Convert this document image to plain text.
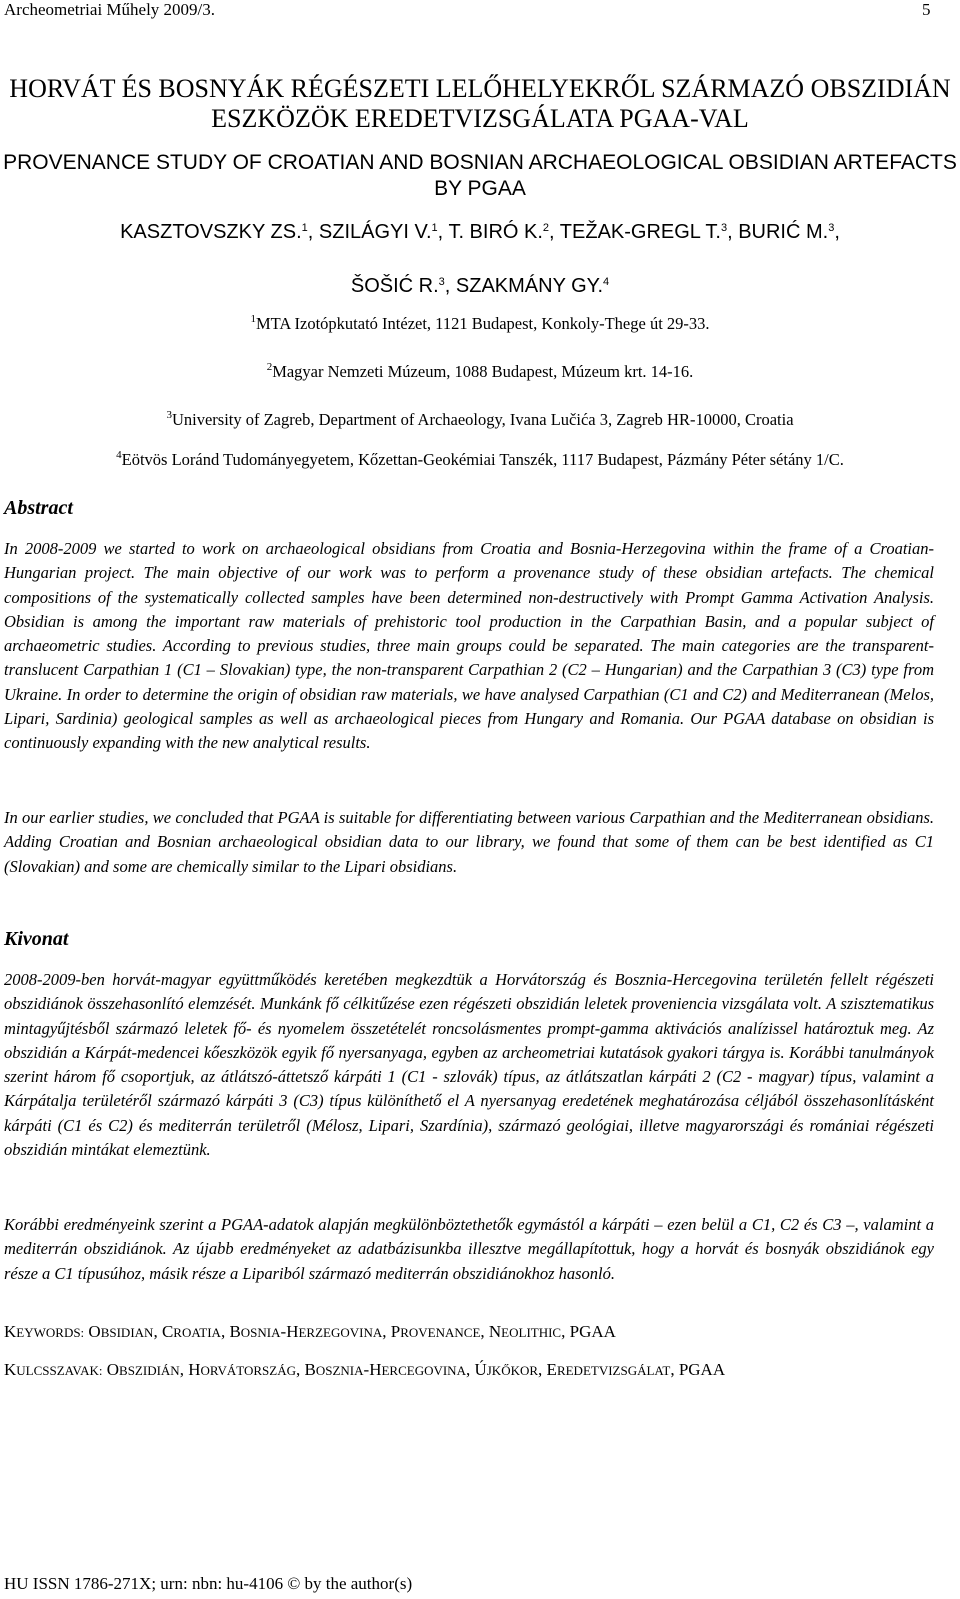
Archeometriai Műhely 2009/3.	5
HORVÁT ÉS BOSNYÁK RÉGÉSZETI LELŐHELYEKRŐL SZÁRMAZÓ OBSZIDIÁN ESZKÖZÖK EREDETVIZSGÁLATA PGAA-VAL
PROVENANCE STUDY OF CROATIAN AND BOSNIAN ARCHAEOLOGICAL OBSIDIAN ARTEFACTS BY PGAA
KASZTOVSZKY ZS.$^1$, SZILÁGYI V.$^1$, T. BIRÓ K.$^2$, TEŽAK-GREGL T.$^3$, BURIĆ M.$^3$,
ŠOŠIĆ R.$^3$, SZAKMÁNY GY.$^4$
$^1$MTA Izotópkutató Intézet, 1121 Budapest, Konkoly-Thege út 29-33.
$^2$Magyar Nemzeti Múzeum, 1088 Budapest, Múzeum krt. 14-16.
$^3$University of Zagreb, Department of Archaeology, Ivana Lučića 3, Zagreb HR-10000, Croatia
$^4$Eötvös Loránd Tudományegyetem, Kőzettan-Geokémiai Tanszék, 1117 Budapest, Pázmány Péter sétány 1/C.
Abstract
In 2008-2009 we started to work on archaeological obsidians from Croatia and Bosnia-Herzegovina within the frame of a Croatian-Hungarian project. The main objective of our work was to perform a provenance study of these obsidian artefacts. The chemical compositions of the systematically collected samples have been determined non-destructively with Prompt Gamma Activation Analysis. Obsidian is among the important raw materials of prehistoric tool production in the Carpathian Basin, and a popular subject of archaeometric studies. According to previous studies, three main groups could be separated. The main categories are the transparent-translucent Carpathian 1 (C1 – Slovakian) type, the non-transparent Carpathian 2 (C2 – Hungarian) and the Carpathian 3 (C3) type from Ukraine. In order to determine the origin of obsidian raw materials, we have analysed Carpathian (C1 and C2) and Mediterranean (Melos, Lipari, Sardinia) geological samples as well as archaeological pieces from Hungary and Romania. Our PGAA database on obsidian is continuously expanding with the new analytical results.
In our earlier studies, we concluded that PGAA is suitable for differentiating between various Carpathian and the Mediterranean obsidians. Adding Croatian and Bosnian archaeological obsidian data to our library, we found that some of them can be best identified as C1 (Slovakian) and some are chemically similar to the Lipari obsidians.
Kivonat
2008-2009-ben horvát-magyar együttműködés keretében megkezdtük a Horvátország és Bosznia-Hercegovina területén fellelt régészeti obszidiánok összehasonlító elemzését. Munkánk fő célkitűzése ezen régészeti obszidián leletek proveniencia vizsgálata volt. A szisztematikus mintagyűjtésből származó leletek fő- és nyomelem összetételét roncsolásmentes prompt-gamma aktivációs analízissel határoztuk meg. Az obszidián a Kárpát-medencei kőeszközök egyik fő nyersanyaga, egyben az archeometriai kutatások gyakori tárgya is. Korábbi tanulmányok szerint három fő csoportjuk, az átlátszó-áttetsző kárpáti 1 (C1 - szlovák) típus, az átlátszatlan kárpáti 2 (C2 - magyar) típus, valamint a Kárpátalja területéről származó kárpáti 3 (C3) típus különíthető el A nyersanyag eredetének meghatározása céljából összehasonlításként kárpáti (C1 és C2) és mediterrán területről (Mélosz, Lipari, Szardínia), származó geológiai, illetve magyarországi és romániai régészeti obszidián mintákat elemeztünk.
Korábbi eredményeink szerint a PGAA-adatok alapján megkülönböztethetők egymástól a kárpáti – ezen belül a C1, C2 és C3 –, valamint a mediterrán obszidiánok. Az újabb eredményeket az adatbázisunkba illesztve megállapítottuk, hogy a horvát és bosnyák obszidiánok egy része a C1 típusúhoz, másik része a Lipariból származó mediterrán obszidiánokhoz hasonló.
KEYWORDS: OBSIDIAN, CROATIA, BOSNIA-HERZEGOVINA, PROVENANCE, NEOLITHIC, PGAA
KULCSSZAVAK: OBSZIDIÁN, HORVÁTORSZÁG, BOSZNIA-HERCEGOVINA, ÚJKŐKOR, EREDETVIZSGÁLAT, PGAA
HU ISSN 1786-271X; urn: nbn: hu-4106 © by the author(s)
